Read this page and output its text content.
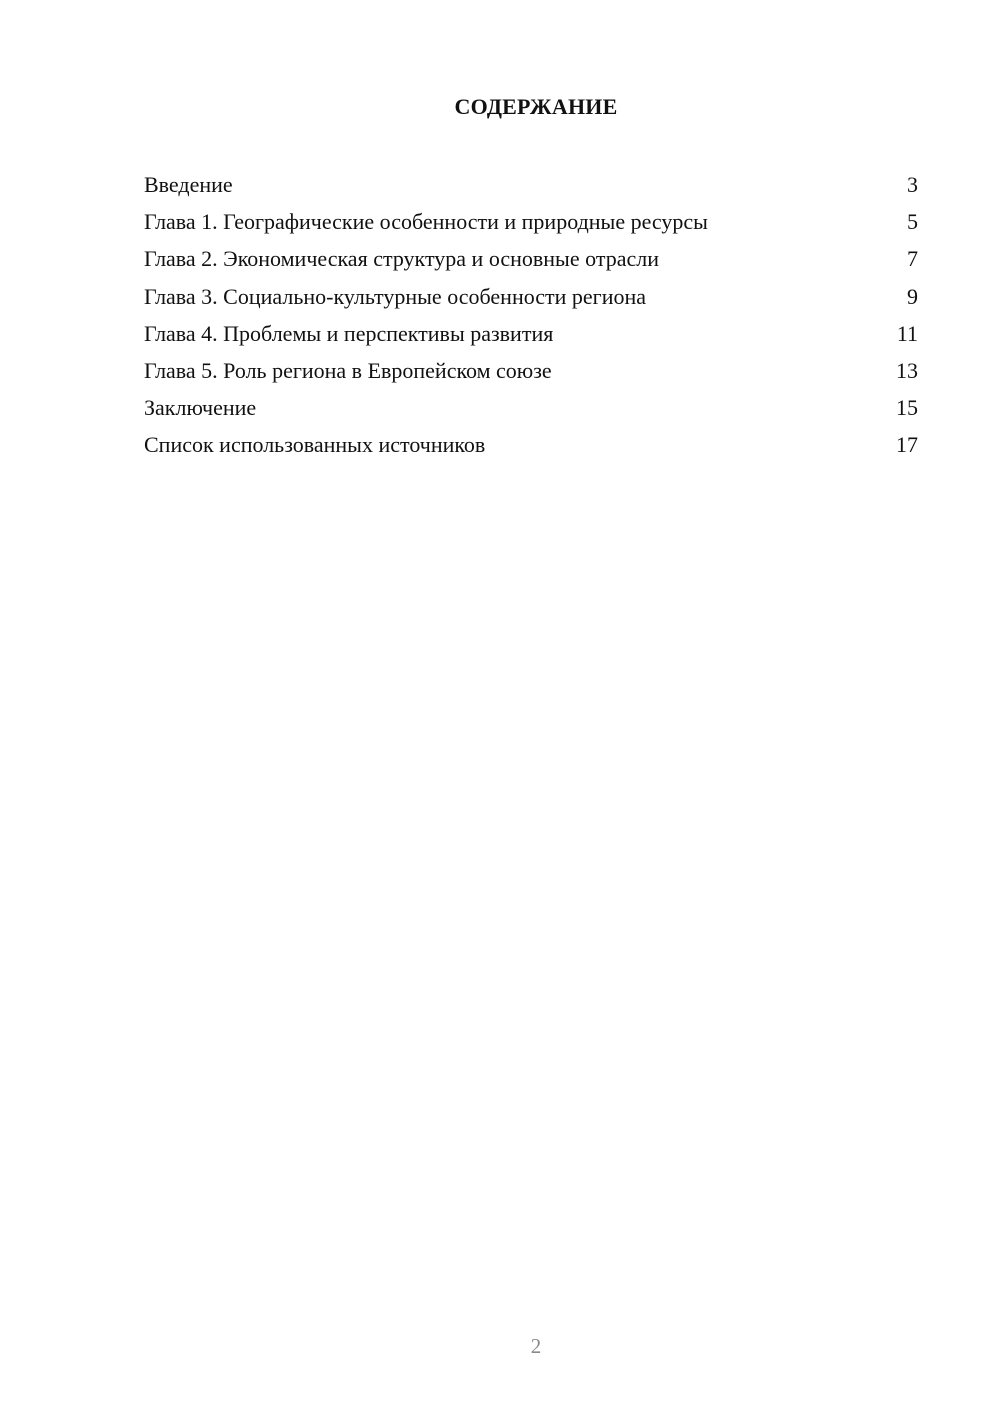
СОДЕРЖАНИЕ
Введение	3
Глава 1. Географические особенности и природные ресурсы	5
Глава 2. Экономическая структура и основные отрасли	7
Глава 3. Социально-культурные особенности региона	9
Глава 4. Проблемы и перспективы развития	11
Глава 5. Роль региона в Европейском союзе	13
Заключение	15
Список использованных источников	17
2
